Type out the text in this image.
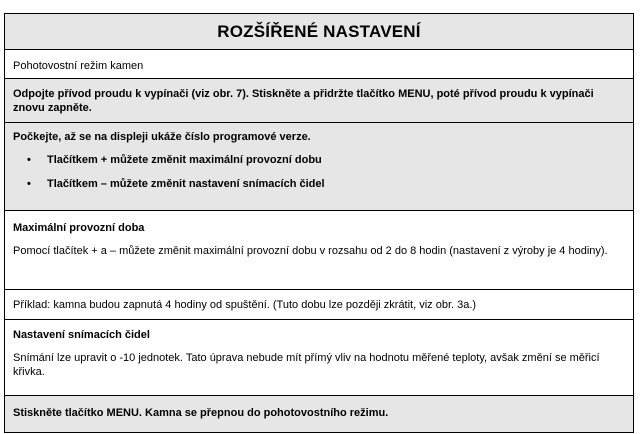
ROZŠÍŘENÉ NASTAVENÍ
Pohotovostní režim kamen
Odpojte přívod proudu k vypínači (viz obr. 7). Stiskněte a přidržte tlačítko MENU, poté přívod proudu k vypínači znovu zapněte.
Počkejte, až se na displeji ukáže číslo programové verze.
• Tlačítkem + můžete změnit maximální provozní dobu
• Tlačítkem – můžete změnit nastavení snímacích čidel
Maximální provozní doba
Pomocí tlačítek + a – můžete změnit maximální provozní dobu v rozsahu od 2 do 8 hodin (nastavení z výroby je 4 hodiny).
Příklad: kamna budou zapnutá 4 hodiny od spuštění. (Tuto dobu lze později zkrátit, viz obr. 3a.)
Nastavení snímacích čidel
Snímání lze upravit o -10 jednotek. Tato úprava nebude mít přímý vliv na hodnotu měřené teploty, avšak změní se měřicí křivka.
Stiskněte tlačítko MENU. Kamna se přepnou do pohotovostního režimu.
